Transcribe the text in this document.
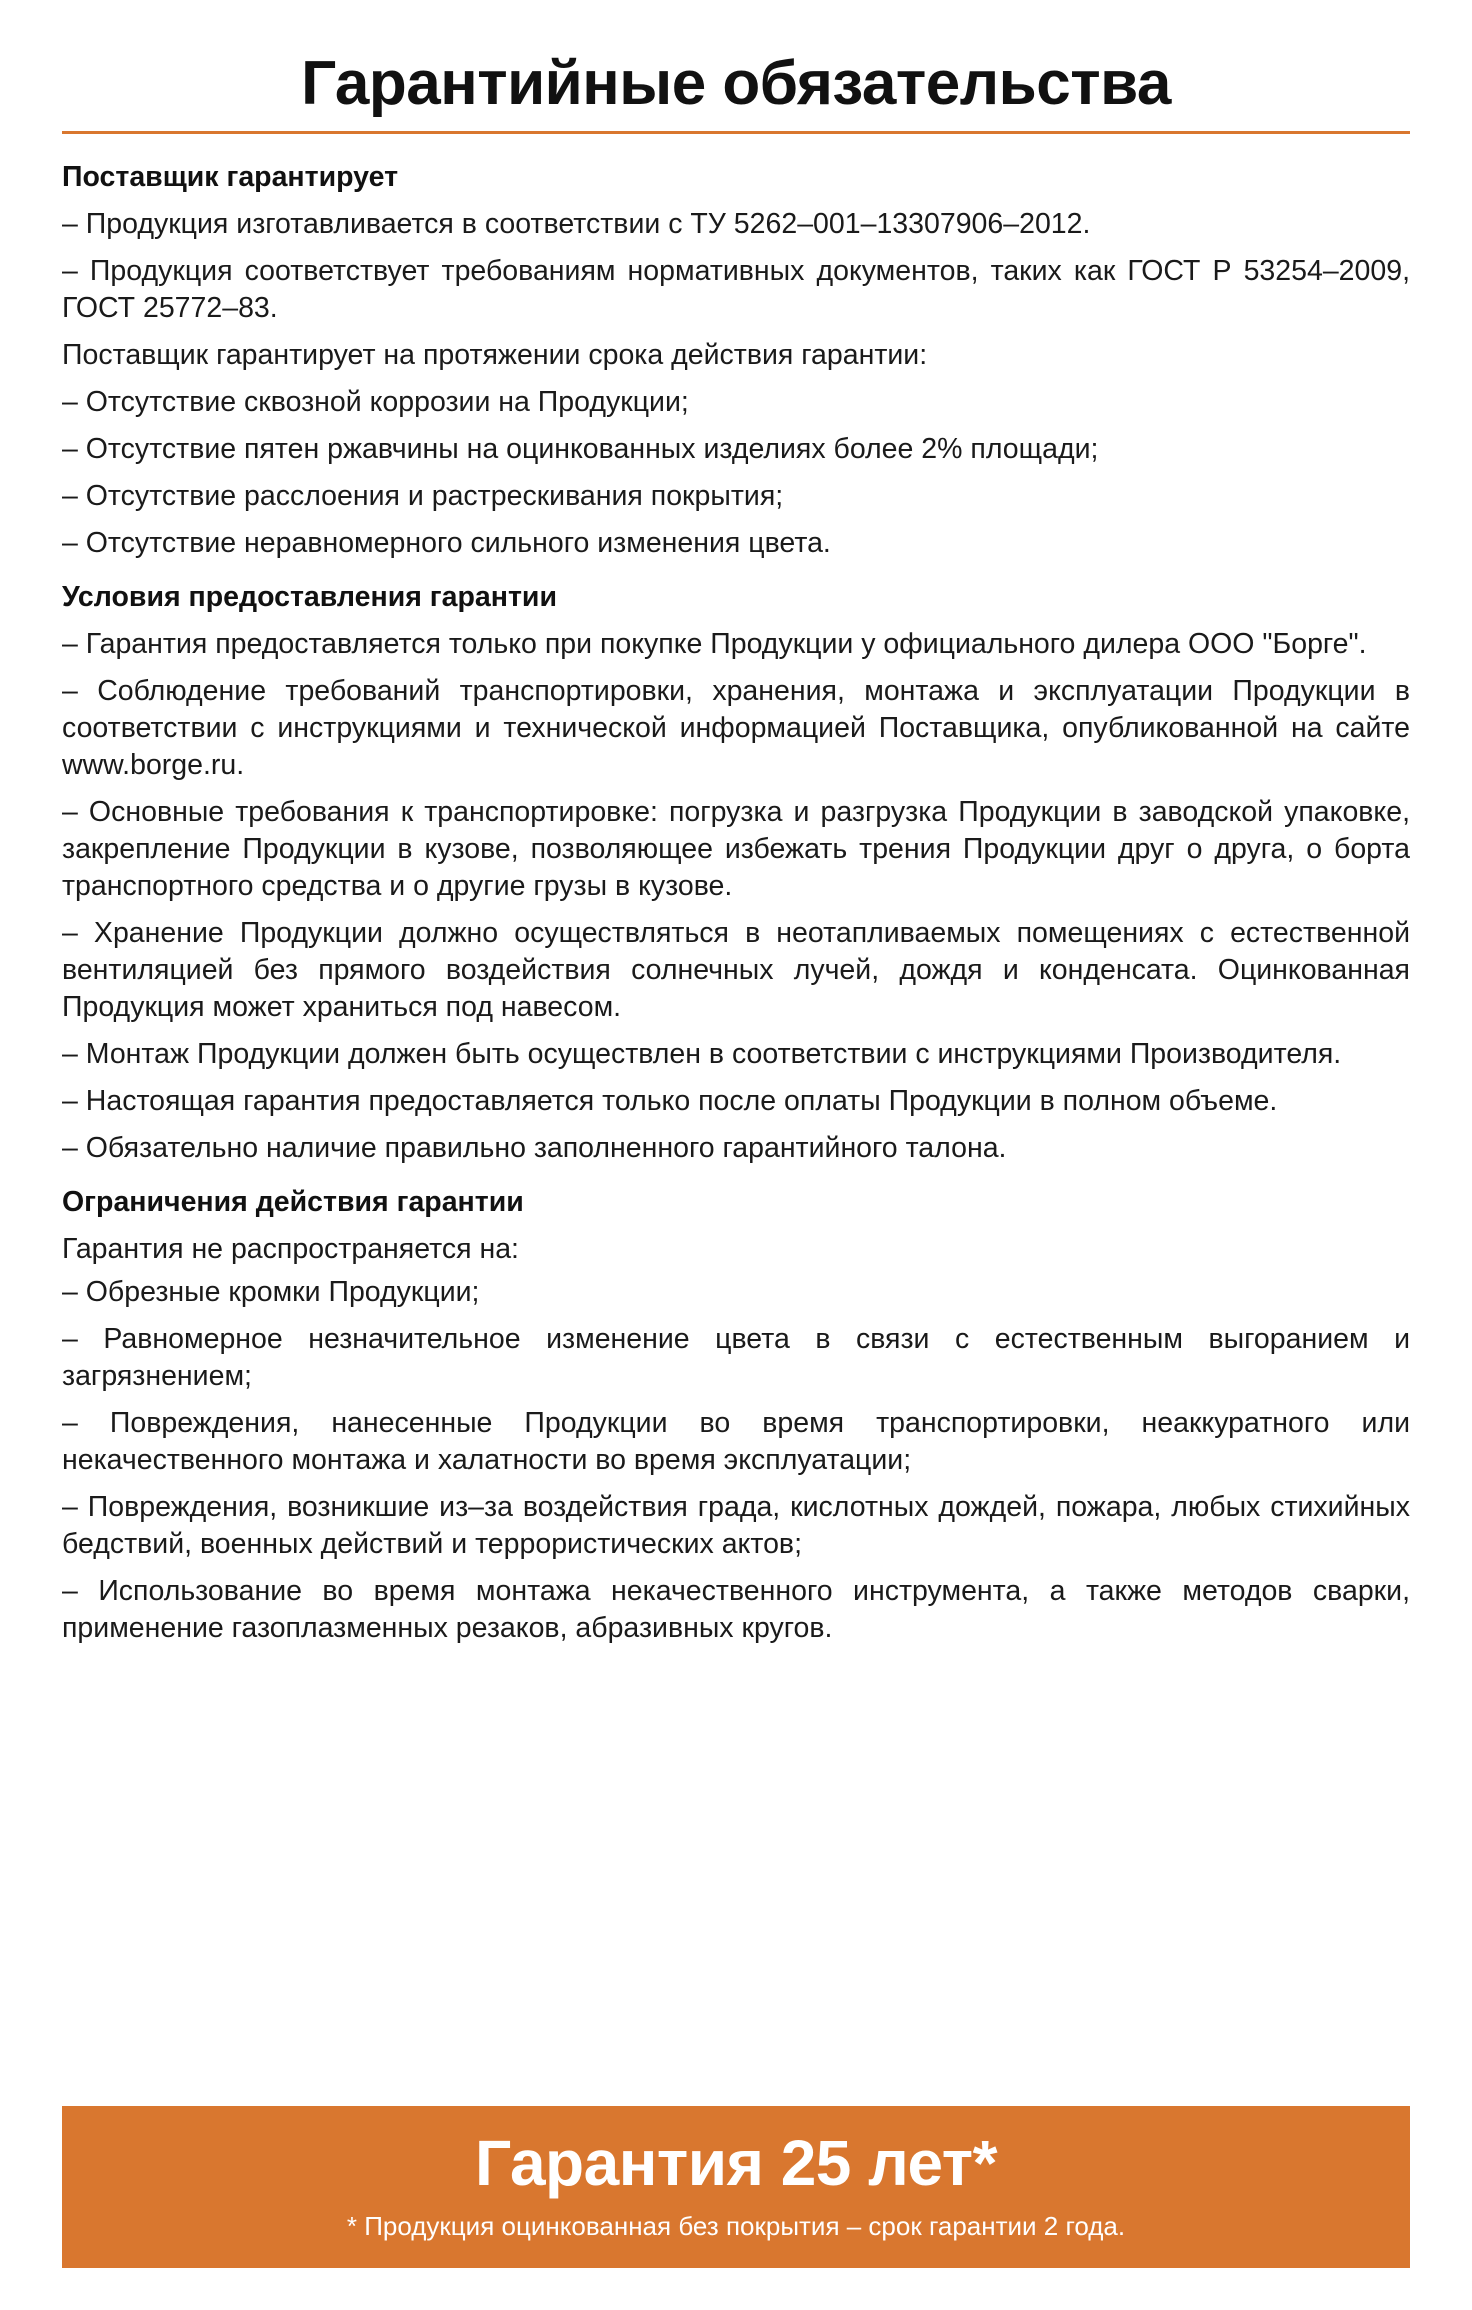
Гарантийные обязательства
Поставщик гарантирует

– Продукция изготавливается в соответствии с ТУ 5262–001–13307906–2012.

– Продукция соответствует требованиям нормативных документов, таких как ГОСТ Р 53254–2009, ГОСТ 25772–83.

Поставщик гарантирует на протяжении срока действия гарантии:

– Отсутствие сквозной коррозии на Продукции;

– Отсутствие пятен ржавчины на оцинкованных изделиях более 2% площади;

– Отсутствие расслоения и растрескивания покрытия;

– Отсутствие неравномерного сильного изменения цвета.

Условия предоставления гарантии

– Гарантия предоставляется только при покупке Продукции у официального дилера ООО "Борге".

– Соблюдение требований транспортировки, хранения, монтажа и эксплуатации Продукции в соответствии с инструкциями и технической информацией Поставщика, опубликованной на сайте www.borge.ru.

– Основные требования к транспортировке: погрузка и разгрузка Продукции в заводской упаковке, закрепление Продукции в кузове, позволяющее избежать трения Продукции друг о друга, о борта транспортного средства и о другие грузы в кузове.

– Хранение Продукции должно осуществляться в неотапливаемых помещениях с естественной вентиляцией без прямого воздействия солнечных лучей, дождя и конденсата. Оцинкованная Продукция может храниться под навесом.

– Монтаж Продукции должен быть осуществлен в соответствии с инструкциями Производителя.

– Настоящая гарантия предоставляется только после оплаты Продукции в полном объеме.

– Обязательно наличие правильно заполненного гарантийного талона.

Ограничения действия гарантии

Гарантия не распространяется на:

– Обрезные кромки Продукции;

– Равномерное незначительное изменение цвета в связи с естественным выгоранием и загрязнением;

– Повреждения, нанесенные Продукции во время транспортировки, неаккуратного или некачественного монтажа и халатности во время эксплуатации;

– Повреждения, возникшие из–за воздействия града, кислотных дождей, пожара, любых стихийных бедствий, военных действий и террористических актов;

– Использование во время монтажа некачественного инструмента, а также методов сварки, применение газоплазменных резаков, абразивных кругов.

Гарантия 25 лет*
* Продукция оцинкованная без покрытия – срок гарантии 2 года.
